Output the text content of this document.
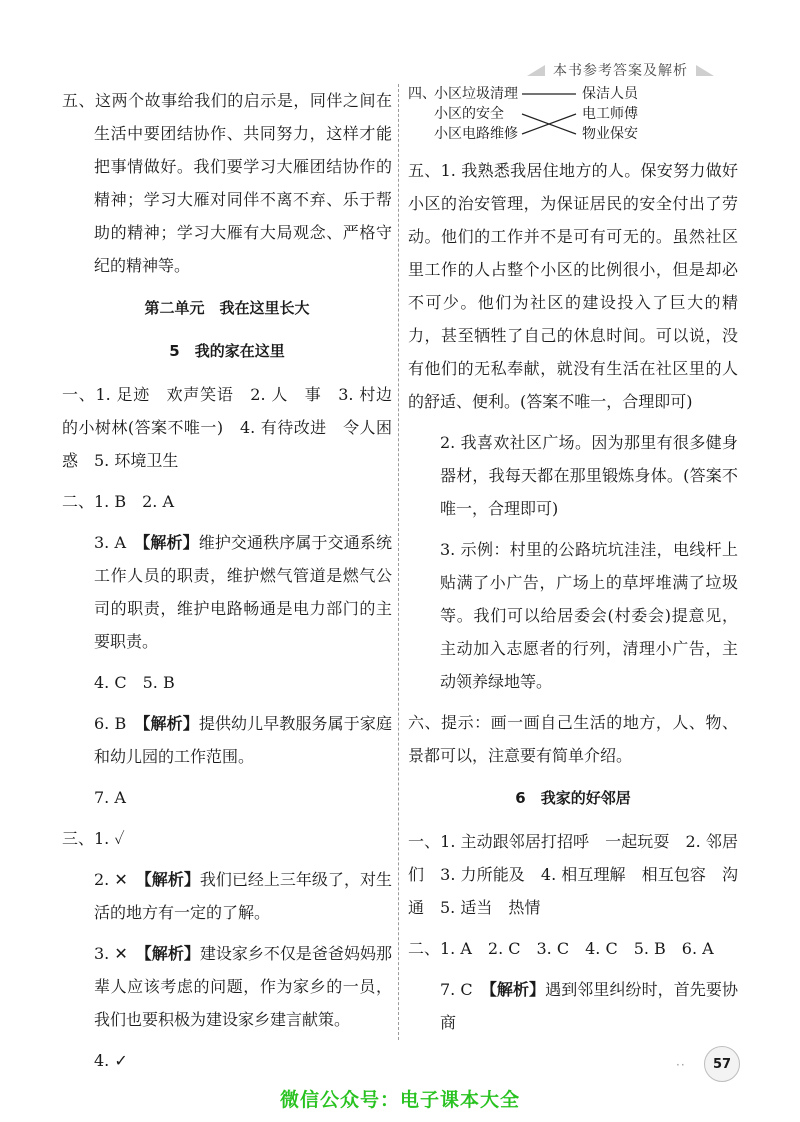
本书参考答案及解析

五、这两个故事给我们的启示是，同伴之间在生活中要团结协作、共同努力，这样才能把事情做好。我们要学习大雁团结协作的精神；学习大雁对同伴不离不弃、乐于帮助的精神；学习大雁有大局观念、严格守纪的精神等。

第二单元　我在这里长大
5　我的家在这里

一、1. 足迹　欢声笑语　2. 人　事　3. 村边的小树林(答案不唯一)　4. 有待改进　令人困惑　5. 环境卫生

二、1. B　2. A

3. A　【解析】维护交通秩序属于交通系统工作人员的职责，维护燃气管道是燃气公司的职责，维护电路畅通是电力部门的主要职责。

4. C　5. B

6. B　【解析】提供幼儿早教服务属于家庭和幼儿园的工作范围。

7. A

三、1. ✓

2. ✕　【解析】我们已经上三年级了，对生活的地方有一定的了解。

3. ✕　【解析】建设家乡不仅是爸爸妈妈那辈人应该考虑的问题，作为家乡的一员，我们也要积极为建设家乡建言献策。

4. ✓

四、
小区垃圾清理
小区的安全
小区电路维修
保洁人员
电工师傅
物业保安

五、1. 我熟悉我居住地方的人。保安努力做好小区的治安管理，为保证居民的安全付出了劳动。他们的工作并不是可有可无的。虽然社区里工作的人占整个小区的比例很小，但是却必不可少。他们为社区的建设投入了巨大的精力，甚至牺牲了自己的休息时间。可以说，没有他们的无私奉献，就没有生活在社区里的人的舒适、便利。(答案不唯一，合理即可)

2. 我喜欢社区广场。因为那里有很多健身器材，我每天都在那里锻炼身体。(答案不唯一，合理即可)

3. 示例：村里的公路坑坑洼洼，电线杆上贴满了小广告，广场上的草坪堆满了垃圾等。我们可以给居委会(村委会)提意见，主动加入志愿者的行列，清理小广告，主动领养绿地等。

六、提示：画一画自己生活的地方，人、物、景都可以，注意要有简单介绍。

6　我家的好邻居

一、1. 主动跟邻居打招呼　一起玩耍　2. 邻居们　3. 力所能及　4. 相互理解　相互包容　沟通　5. 适当　热情

二、1. A　2. C　3. C　4. C　5. B　6. A

7. C　【解析】遇到邻里纠纷时，首先要协商

··	57
微信公众号：电子课本大全
